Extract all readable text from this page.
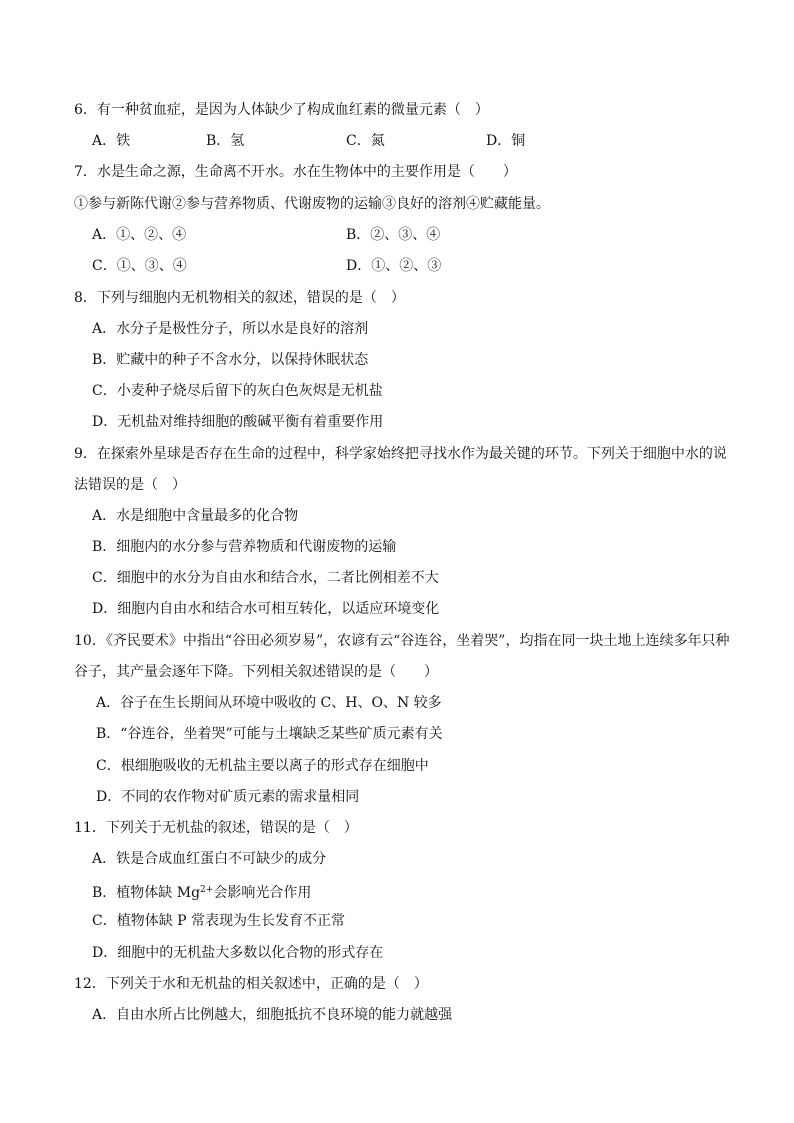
6．有一种贫血症，是因为人体缺少了构成血红素的微量元素（　）
A．铁	B．氢	C．氮	D．铜
7．水是生命之源，生命离不开水。水在生物体中的主要作用是（　　）
①参与新陈代谢②参与营养物质、代谢废物的运输③良好的溶剂④贮藏能量。
A．①、②、④	B．②、③、④
C．①、③、④	D．①、②、③
8．下列与细胞内无机物相关的叙述，错误的是（　）
A．水分子是极性分子，所以水是良好的溶剂
B．贮藏中的种子不含水分，以保持休眠状态
C．小麦种子烧尽后留下的灰白色灰烬是无机盐
D．无机盐对维持细胞的酸碱平衡有着重要作用
9．在探索外星球是否存在生命的过程中，科学家始终把寻找水作为最关键的环节。下列关于细胞中水的说
法错误的是（　）
A．水是细胞中含量最多的化合物
B．细胞内的水分参与营养物质和代谢废物的运输
C．细胞中的水分为自由水和结合水，二者比例相差不大
D．细胞内自由水和结合水可相互转化，以适应环境变化
10．《齐民要术》中指出“谷田必须岁易”，农谚有云“谷连谷，坐着哭”，均指在同一块土地上连续多年只种
谷子，其产量会逐年下降。下列相关叙述错误的是（　　）
A．谷子在生长期间从环境中吸收的 C、H、O、N 较多
B．“谷连谷，坐着哭”可能与土壤缺乏某些矿质元素有关
C．根细胞吸收的无机盐主要以离子的形式存在细胞中
D．不同的农作物对矿质元素的需求量相同
11．下列关于无机盐的叙述，错误的是（　）
A．铁是合成血红蛋白不可缺少的成分
B．植物体缺 $Mg^{2+}$会影响光合作用
C．植物体缺 P 常表现为生长发育不正常
D．细胞中的无机盐大多数以化合物的形式存在
12．下列关于水和无机盐的相关叙述中，正确的是（　）
A．自由水所占比例越大，细胞抵抗不良环境的能力就越强
